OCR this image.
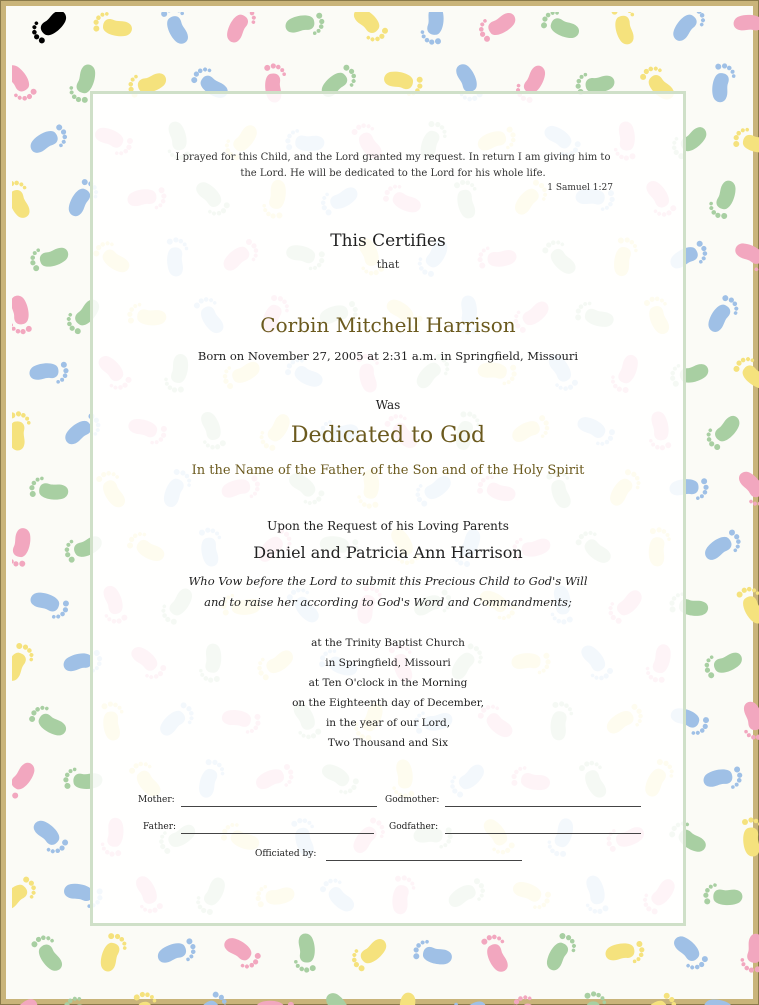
I prayed for this Child, and the Lord granted my request. In return I am giving him to the Lord. He will be dedicated to the Lord for his whole life.
1 Samuel 1:27
This Certifies
that
Corbin Mitchell Harrison
Born on November 27, 2005 at 2:31 a.m. in Springfield, Missouri
Was
Dedicated to God
In the Name of the Father, of the Son and of the Holy Spirit
Upon the Request of his Loving Parents
Daniel and Patricia Ann Harrison
Who Vow before the Lord to submit this Precious Child to God's Will
and to raise her according to God's Word and Commandments;
at the Trinity Baptist Church
in Springfield, Missouri
at Ten O'clock in the Morning
on the Eighteenth day of December,
in the year of our Lord,
Two Thousand and Six
Mother:	Godmother:
Father:	Godfather:
Officiated by:
